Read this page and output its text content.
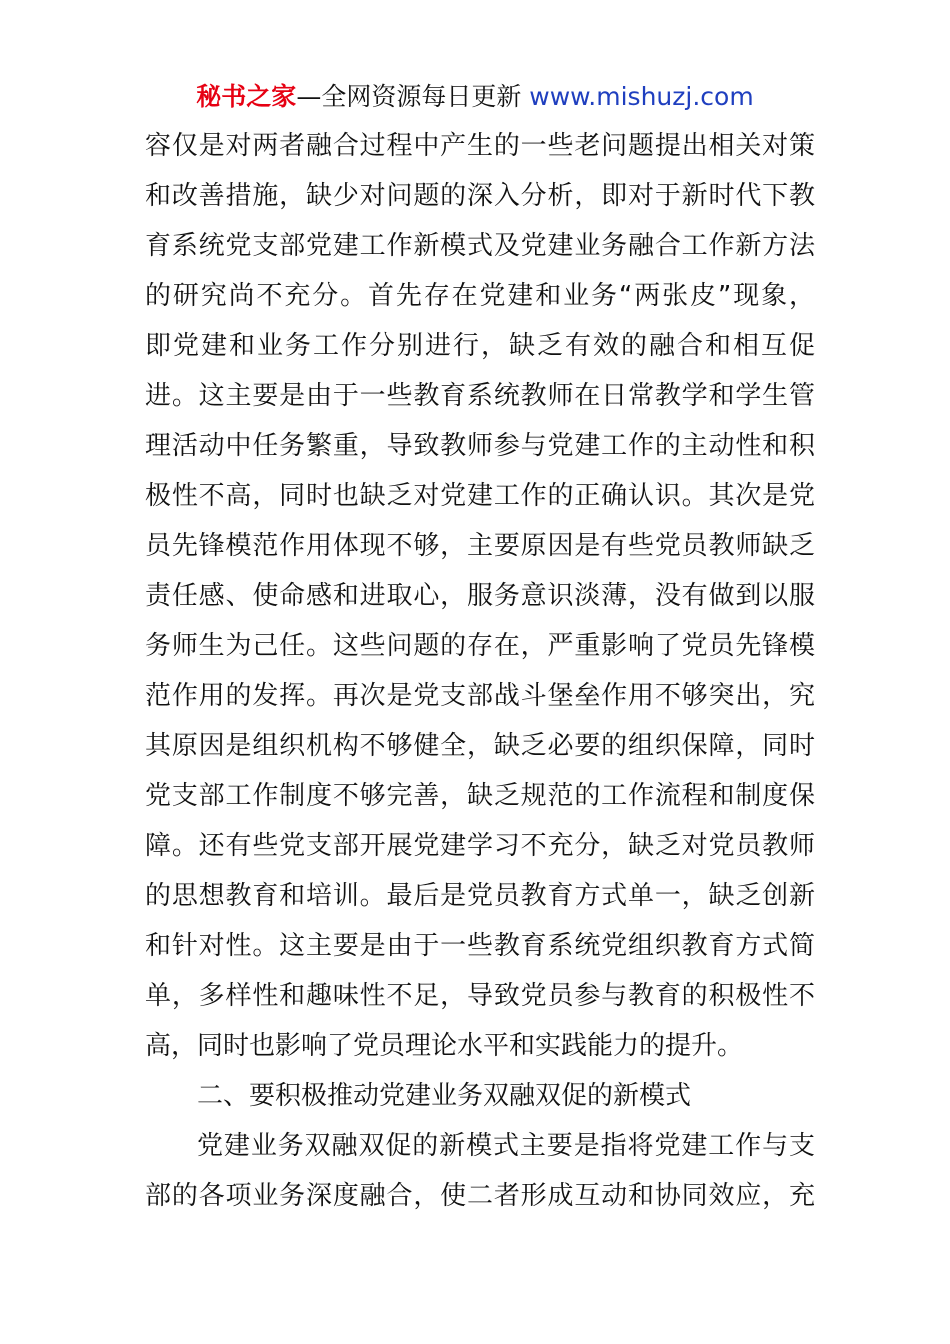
秘书之家—全网资源每日更新 www.mishuzj.com
容仅是对两者融合过程中产生的一些老问题提出相关对策
和改善措施，缺少对问题的深入分析，即对于新时代下教
育系统党支部党建工作新模式及党建业务融合工作新方法
的研究尚不充分。首先存在党建和业务“两张皮”现象，
即党建和业务工作分别进行，缺乏有效的融合和相互促
进。这主要是由于一些教育系统教师在日常教学和学生管
理活动中任务繁重，导致教师参与党建工作的主动性和积
极性不高，同时也缺乏对党建工作的正确认识。其次是党
员先锋模范作用体现不够，主要原因是有些党员教师缺乏
责任感、使命感和进取心，服务意识淡薄，没有做到以服
务师生为己任。这些问题的存在，严重影响了党员先锋模
范作用的发挥。再次是党支部战斗堡垒作用不够突出，究
其原因是组织机构不够健全，缺乏必要的组织保障，同时
党支部工作制度不够完善，缺乏规范的工作流程和制度保
障。还有些党支部开展党建学习不充分，缺乏对党员教师
的思想教育和培训。最后是党员教育方式单一，缺乏创新
和针对性。这主要是由于一些教育系统党组织教育方式简
单，多样性和趣味性不足，导致党员参与教育的积极性不
高，同时也影响了党员理论水平和实践能力的提升。
二、要积极推动党建业务双融双促的新模式
党建业务双融双促的新模式主要是指将党建工作与支
部的各项业务深度融合，使二者形成互动和协同效应，充
